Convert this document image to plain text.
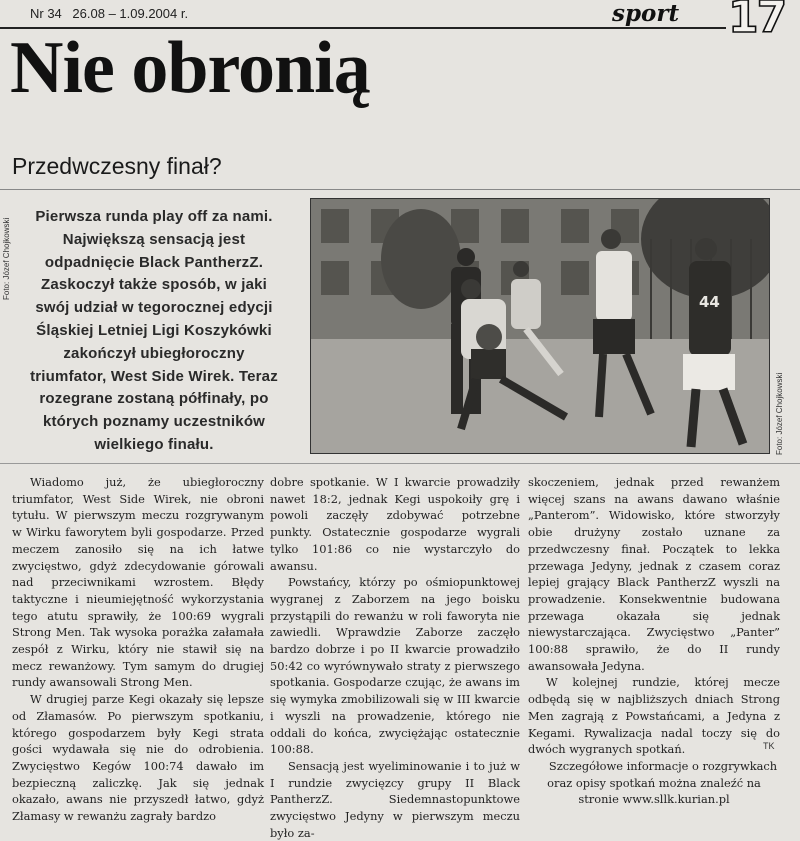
Nr 34 26.08 – 1.09.2004 r.	sport 17
Nie obronią
Przedwczesny finał?
Foto: Józef Chojkowski
Pierwsza runda play off za nami. Największą sensacją jest odpadnięcie Black PantherzZ. Zaskoczył także sposób, w jaki swój udział w tegorocznej edycji Śląskiej Letniej Ligi Koszykówki zakończył ubiegłoroczny triumfator, West Side Wirek. Teraz rozegrane zostaną półfinały, po których poznamy uczestników wielkiego finału.
44
Foto: Józef Chojkowski

Wiadomo już, że ubiegłoroczny triumfator, West Side Wirek, nie obroni tytułu. W pierwszym meczu rozgrywanym w Wirku faworytem byli gospodarze. Przed meczem zanosiło się na ich łatwe zwycięstwo, gdyż zdecydowanie górowali nad przeciwnikami wzrostem. Błędy taktyczne i nieumiejętność wykorzystania tego atutu sprawiły, że 100:69 wygrali Strong Men. Tak wysoka porażka załamała zespół z Wirku, który nie stawił się na mecz rewanżowy. Tym samym do drugiej rundy awansowali Strong Men.

W drugiej parze Kegi okazały się lepsze od Złamasów. Po pierwszym spotkaniu, którego gospodarzem były Kegi strata gości wydawała się nie do odrobienia. Zwycięstwo Kegów 100:74 dawało im bezpieczną zaliczkę. Jak się jednak okazało, awans nie przyszedł łatwo, gdyż Złamasy w rewanżu zagrały bardzo

dobre spotkanie. W I kwarcie prowadziły nawet 18:2, jednak Kegi uspokoiły grę i powoli zaczęły zdobywać potrzebne punkty. Ostatecznie gospodarze wygrali tylko 101:86 co nie wystarczyło do awansu.

Powstańcy, którzy po ośmiopunktowej wygranej z Zaborzem na jego boisku przystąpili do rewanżu w roli faworyta nie zawiedli. Wprawdzie Zaborze zaczęło bardzo dobrze i po II kwarcie prowadziło 50:42 co wyrównywało straty z pierwszego spotkania. Gospodarze czując, że awans im się wymyka zmobilizowali się w III kwarcie i wyszli na prowadzenie, którego nie oddali do końca, zwyciężając ostatecznie 100:88.

Sensacją jest wyeliminowanie i to już w I rundzie zwycięzcy grupy II Black PantherzZ. Siedemnastopunktowe zwycięstwo Jedyny w pierwszym meczu było za-

skoczeniem, jednak przed rewanżem więcej szans na awans dawano właśnie „Panterom”. Widowisko, które stworzyły obie drużyny zostało uznane za przedwczesny finał. Początek to lekka przewaga Jedyny, jednak z czasem coraz lepiej grający Black PantherzZ wyszli na prowadzenie. Konsekwentnie budowana przewaga okazała się jednak niewystarczająca. Zwycięstwo „Panter” 100:88 sprawiło, że do II rundy awansowała Jedyna.

W kolejnej rundzie, której mecze odbędą się w najbliższych dniach Strong Men zagrają z Powstańcami, a Jedyna z Kegami. Rywalizacja nadal toczy się do dwóch wygranych spotkań.

Szczegółowe informacje o rozgrywkach oraz opisy spotkań można znaleźć na stronie www.sllk.kurian.pl

TK
